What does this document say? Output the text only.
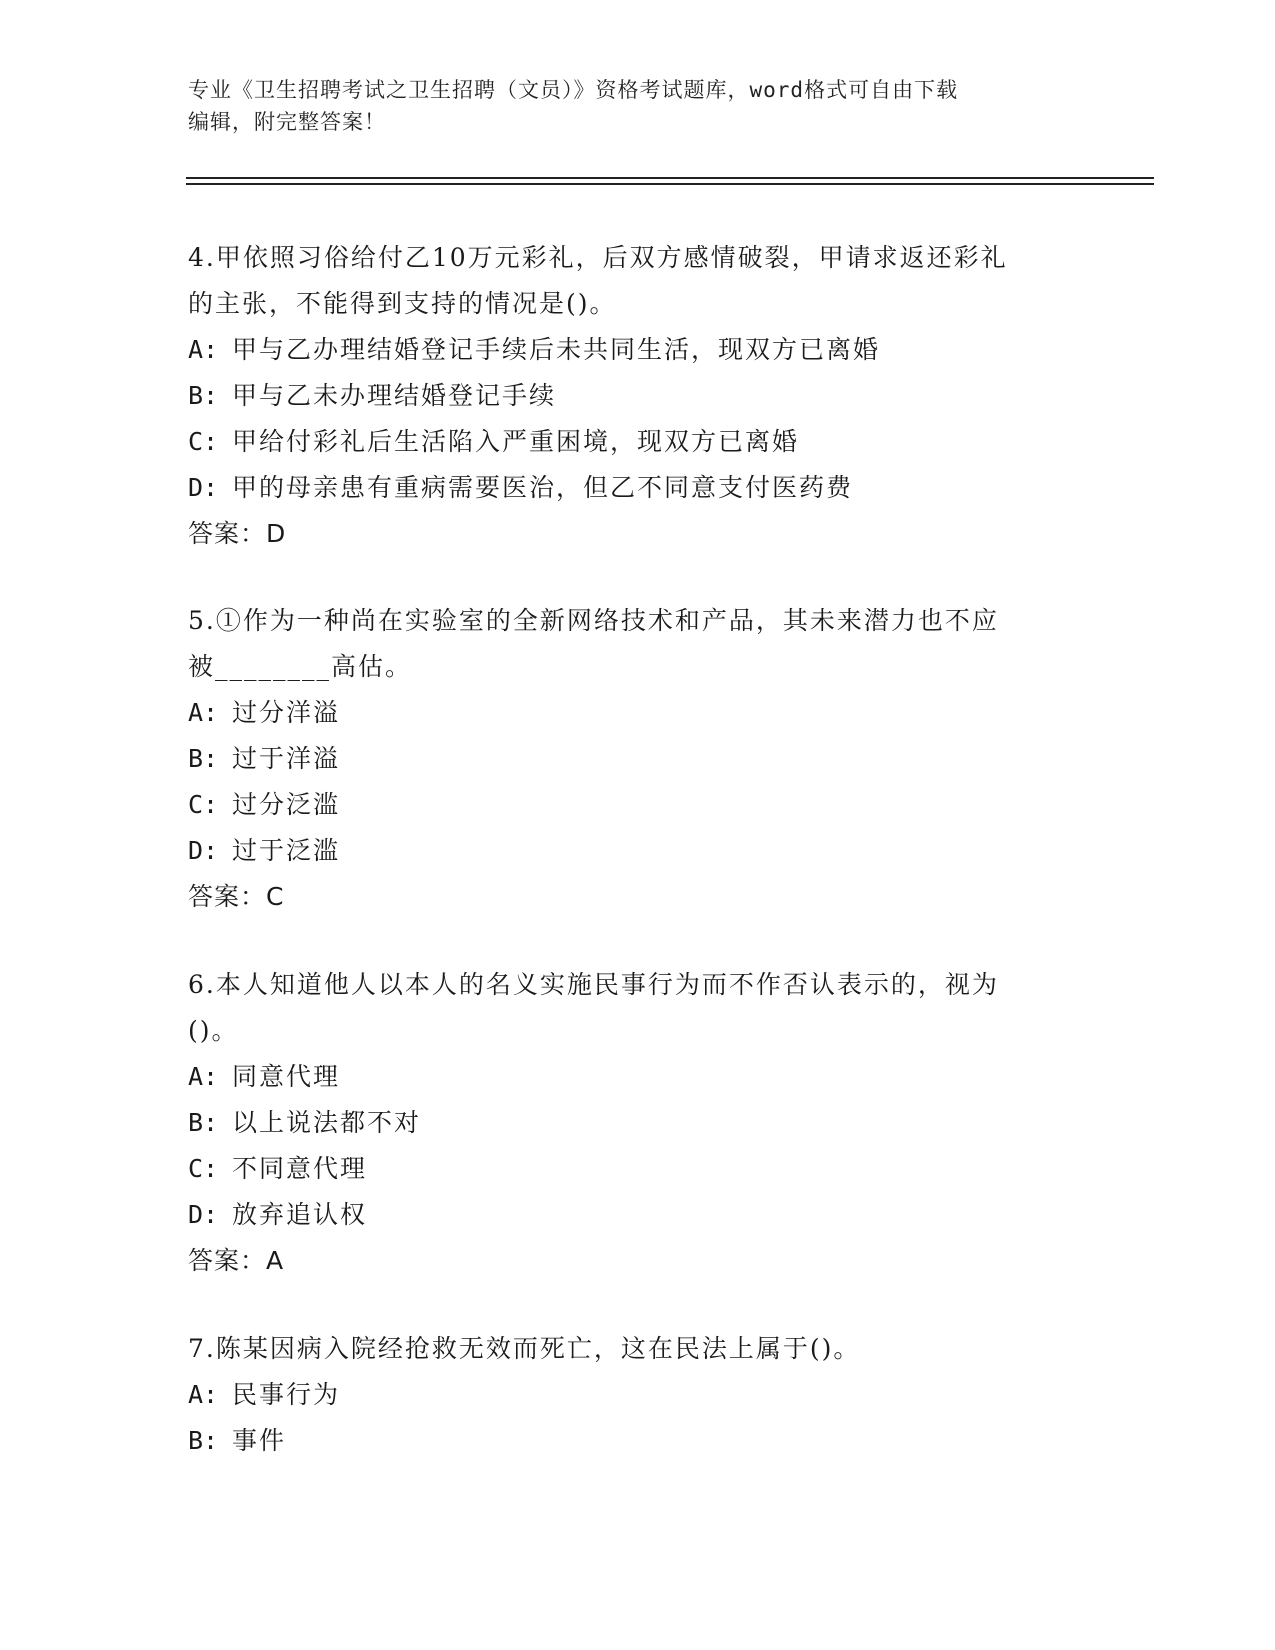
专业《卫生招聘考试之卫生招聘（文员）》资格考试题库，word格式可自由下载
编辑，附完整答案！

4.甲依照习俗给付乙10万元彩礼，后双方感情破裂，甲请求返还彩礼

的主张，不能得到支持的情况是()。

A: 甲与乙办理结婚登记手续后未共同生活，现双方已离婚

B: 甲与乙未办理结婚登记手续

C: 甲给付彩礼后生活陷入严重困境，现双方已离婚

D: 甲的母亲患有重病需要医治，但乙不同意支付医药费

答案：D

5.①作为一种尚在实验室的全新网络技术和产品，其未来潜力也不应

被________高估。

A: 过分洋溢

B: 过于洋溢

C: 过分泛滥

D: 过于泛滥

答案：C

6.本人知道他人以本人的名义实施民事行为而不作否认表示的，视为

()。

A: 同意代理

B: 以上说法都不对

C: 不同意代理

D: 放弃追认权

答案：A

7.陈某因病入院经抢救无效而死亡，这在民法上属于()。

A: 民事行为

B: 事件
